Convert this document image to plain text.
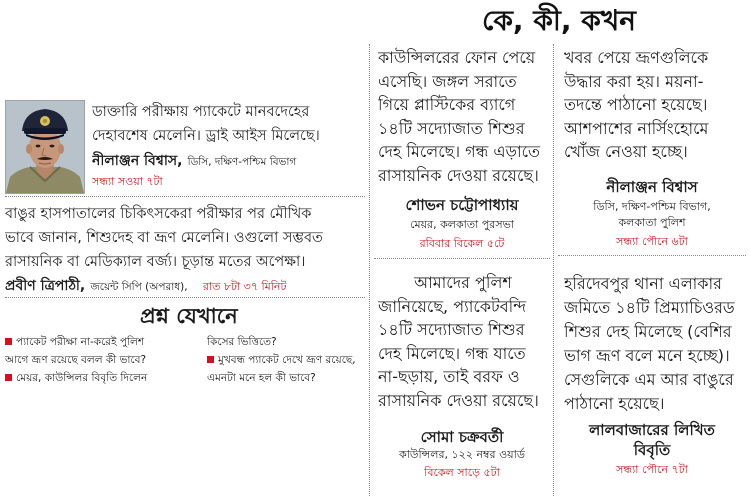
কে, কী, কখন
ডাক্তারি পরীক্ষায় প্যাকেটে মানবদেহের
দেহাবশেষ মেলেনি। ড্রাই আইস মিলেছে।
নীলাঞ্জন বিশ্বাস, ডিসি, দক্ষিণ-পশ্চিম বিভাগ
সন্ধ্যা সওয়া ৭টা
বাঙুর হাসপাতালের চিকিৎসকেরা পরীক্ষার পর মৌখিক
ভাবে জানান, শিশুদেহ বা ভ্রূণ মেলেনি। ওগুলো সম্ভবত
রাসায়নিক বা মেডিক্যাল বর্জ্য। চূড়ান্ত মতের অপেক্ষা।
প্রবীণ ত্রিপাঠী, জয়েন্ট সিপি (অপরাধ), রাত ৮টা ৩৭ মিনিট
প্রশ্ন যেখানে
প্যাকেট পরীক্ষা না-করেই পুলিশ
আগে ভ্রূণ রয়েছে বলল কী ভাবে?
মেয়র, কাউন্সিলর বিবৃতি দিলেন
কিসের ভিত্তিতে?
মুখবন্ধ প্যাকেট দেখে ভ্রূণ রয়েছে,
এমনটা মনে হল কী ভাবে?
কাউন্সিলরের ফোন পেয়ে
এসেছি। জঙ্গল সরাতে
গিয়ে প্লাস্টিকের ব্যাগে
১৪টি সদ্যোজাত শিশুর
দেহ মিলেছে। গন্ধ এড়াতে
রাসায়নিক দেওয়া রয়েছে।
শোভন চট্টোপাধ্যায়
মেয়র, কলকাতা পুরসভা
রবিবার বিকেল ৫টে
আমাদের পুলিশ
জানিয়েছে, প্যাকেটবন্দি
১৪টি সদ্যোজাত শিশুর
দেহ মিলেছে। গন্ধ যাতে
না-ছড়ায়, তাই বরফ ও
রাসায়নিক দেওয়া রয়েছে।
সোমা চক্রবর্তী
কাউন্সিলর, ১২২ নম্বর ওয়ার্ড
বিকেল সাড়ে ৫টা
খবর পেয়ে ভ্রূণগুলিকে
উদ্ধার করা হয়। ময়না-
তদন্তে পাঠানো হয়েছে।
আশপাশের নার্সিংহোমে
খোঁজ নেওয়া হচ্ছে।
নীলাঞ্জন বিশ্বাস
ডিসি, দক্ষিণ-পশ্চিম বিভাগ,
কলকাতা পুলিশ
সন্ধ্যা পৌনে ৬টা
হরিদেবপুর থানা এলাকার
জমিতে ১৪টি প্রিম্যাচিওরড
শিশুর দেহ মিলেছে (বেশির
ভাগ ভ্রূণ বলে মনে হচ্ছে)।
সেগুলিকে এম আর বাঙুরে
পাঠানো হয়েছে।
লালবাজারের লিখিত
বিবৃতি
সন্ধ্যা পৌনে ৭টা
